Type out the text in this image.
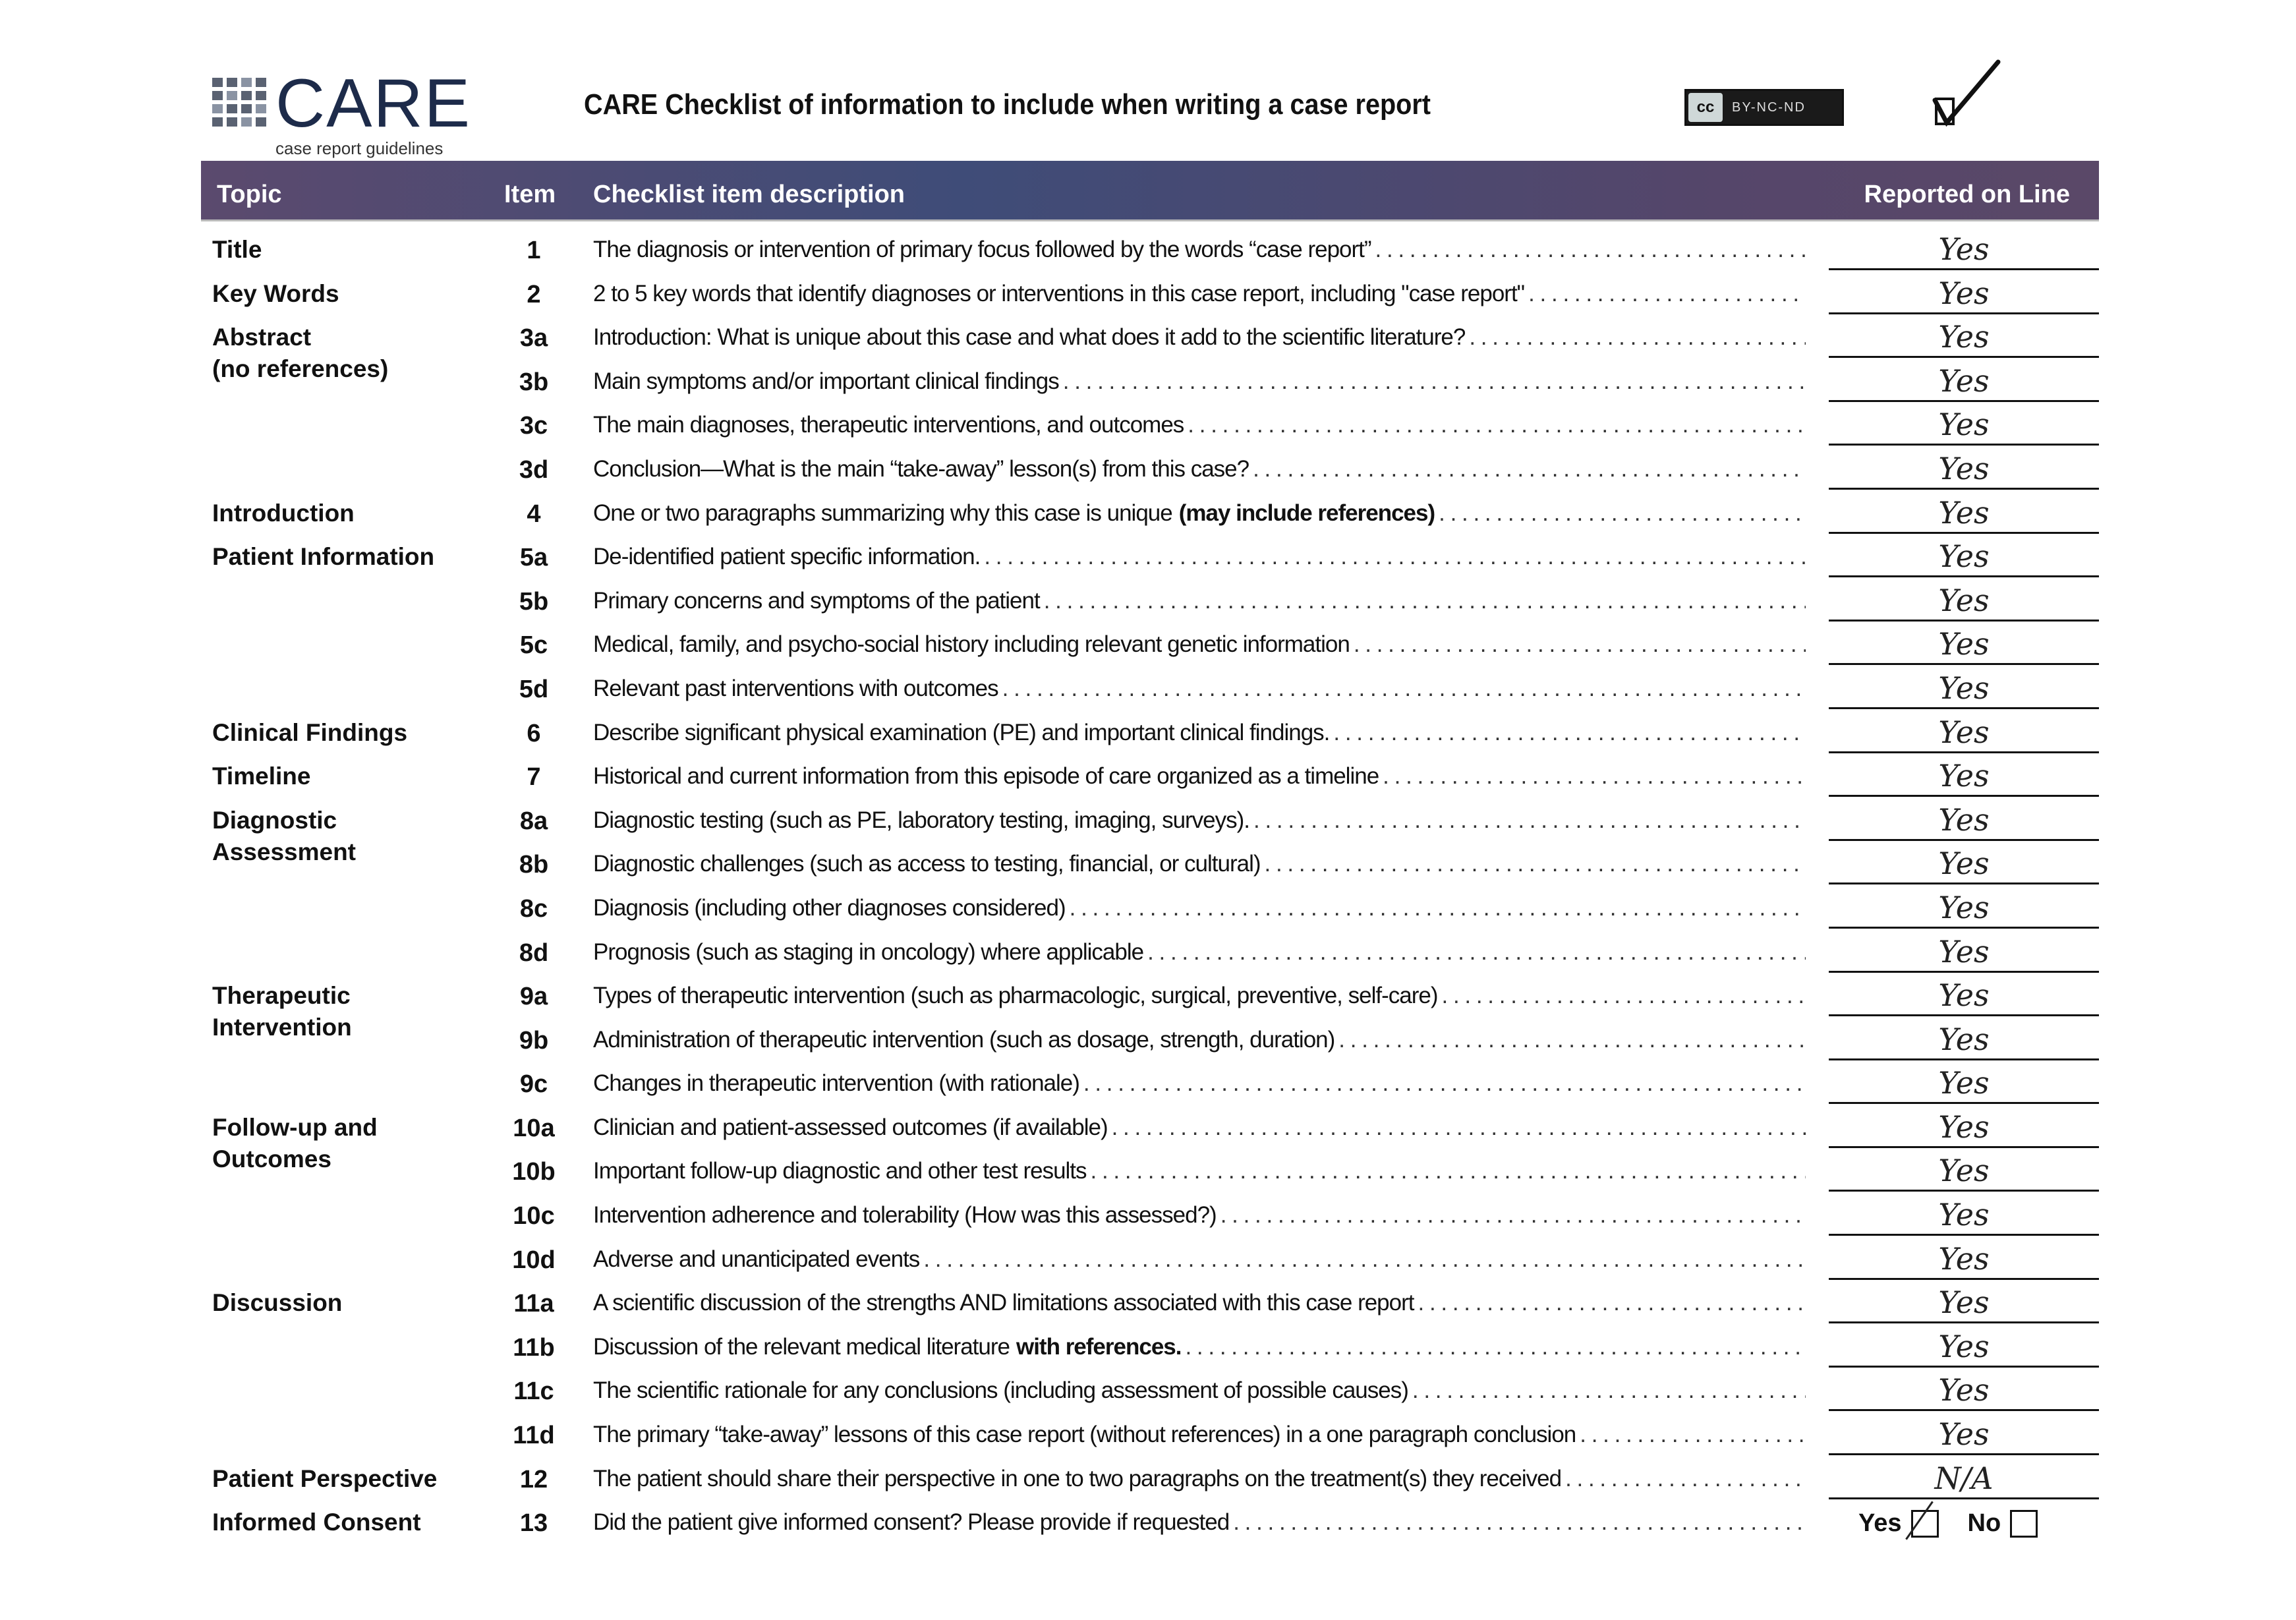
CARE
case report guidelines
CARE Checklist of information to include when writing a case report	cc	BY-NC-ND
Topic	Item Checklist item description	Reported on Line
Title	1	The diagnosis or intervention of primary focus followed by the words “case report” . . .	Yes
Key Words	2	2 to 5 key words that identify diagnoses or interventions in this case report, including "case report" . . .	Yes
Abstract
(no references)
3a	Introduction: What is unique about this case and what does it add to the scientific literature? . . .	Yes
3b	Main symptoms and/or important clinical findings . . .	Yes
3c	The main diagnoses, therapeutic interventions, and outcomes . . .	Yes
3d	Conclusion—What is the main “take-away” lesson(s) from this case? . . .	Yes
Introduction	4	One or two paragraphs summarizing why this case is unique (may include references) . . .	Yes
Patient Information	5a	De-identified patient specific information. . . .	Yes
5b	Primary concerns and symptoms of the patient . . .	Yes
5c	Medical, family, and psycho-social history including relevant genetic information . . .	Yes
5d	Relevant past interventions with outcomes . . .	Yes
Clinical Findings	6	Describe significant physical examination (PE) and important clinical findings. . . .	Yes
Timeline	7	Historical and current information from this episode of care organized as a timeline . . .	Yes
Diagnostic
Assessment
8a	Diagnostic testing (such as PE, laboratory testing, imaging, surveys). . . .	Yes
8b	Diagnostic challenges (such as access to testing, financial, or cultural) . . .	Yes
8c	Diagnosis (including other diagnoses considered) . . .	Yes
8d	Prognosis (such as staging in oncology) where applicable . . .	Yes
Therapeutic
Intervention
9a	Types of therapeutic intervention (such as pharmacologic, surgical, preventive, self-care) . . .	Yes
9b	Administration of therapeutic intervention (such as dosage, strength, duration) . . .	Yes
9c	Changes in therapeutic intervention (with rationale) . . .	Yes
Follow-up and
Outcomes
10a Clinician and patient-assessed outcomes (if available) . . .	Yes
10b Important follow-up diagnostic and other test results . . .	Yes
10c Intervention adherence and tolerability (How was this assessed?) . . .	Yes
10d Adverse and unanticipated events . . .	Yes
Discussion	11a A scientific discussion of the strengths AND limitations associated with this case report . . .	Yes
11b Discussion of the relevant medical literature with references. . . .	Yes
11c The scientific rationale for any conclusions (including assessment of possible causes) . . .	Yes
11d The primary “take-away” lessons of this case report (without references) in a one paragraph conclusion . . .	Yes
Patient Perspective	12	The patient should share their perspective in one to two paragraphs on the treatment(s) they received . . .	N/A
Informed Consent	13	Did the patient give informed consent? Please provide if requested . . .	Yes	No
